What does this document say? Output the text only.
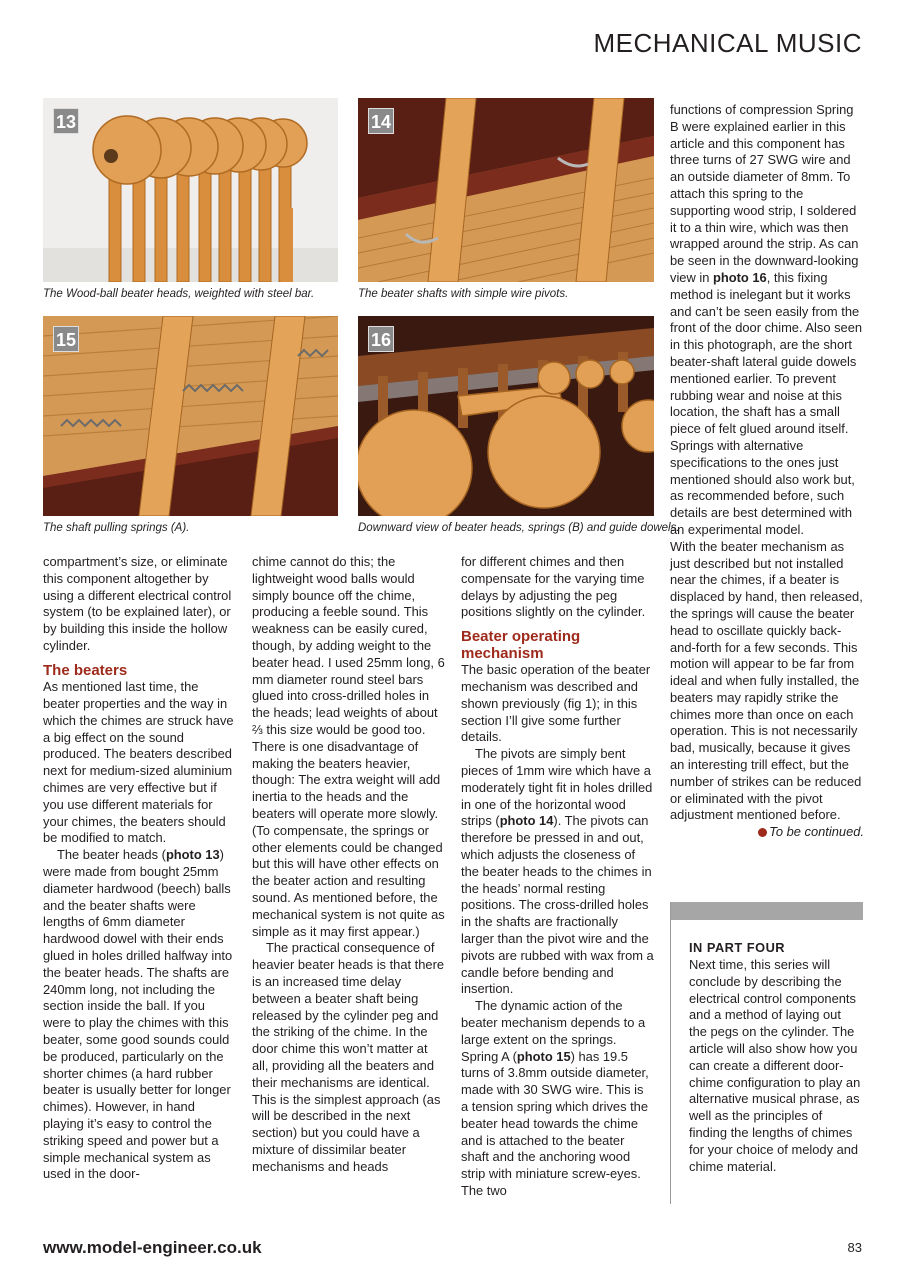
MECHANICAL MUSIC
13
The Wood-ball beater heads, weighted with steel bar.
14
The beater shafts with simple wire pivots.
15
The shaft pulling springs (A).
16
Downward view of beater heads, springs (B) and guide dowels.

compartment’s size, or eliminate this component altogether by using a different electrical control system (to be explained later), or by building this inside the hollow cylinder.

The beaters

As mentioned last time, the beater properties and the way in which the chimes are struck have a big effect on the sound produced. The beaters described next for medium-sized aluminium chimes are very effective but if you use different materials for your chimes, the beaters should be modified to match.

The beater heads (photo 13) were made from bought 25mm diameter hardwood (beech) balls and the beater shafts were lengths of 6mm diameter hardwood dowel with their ends glued in holes drilled halfway into the beater heads. The shafts are 240mm long, not including the section inside the ball. If you were to play the chimes with this beater, some good sounds could be produced, particularly on the shorter chimes (a hard rubber beater is usually better for longer chimes). However, in hand playing it’s easy to control the striking speed and power but a simple mechanical system as used in the door-

chime cannot do this; the lightweight wood balls would simply bounce off the chime, producing a feeble sound. This weakness can be easily cured, though, by adding weight to the beater head. I used 25mm long, 6 mm diameter round steel bars glued into cross-drilled holes in the heads; lead weights of about ⅔ this size would be good too. There is one disadvantage of making the beaters heavier, though: The extra weight will add inertia to the heads and the beaters will operate more slowly. (To compensate, the springs or other elements could be changed but this will have other effects on the beater action and resulting sound. As mentioned before, the mechanical system is not quite as simple as it may first appear.)

The practical consequence of heavier beater heads is that there is an increased time delay between a beater shaft being released by the cylinder peg and the striking of the chime. In the door chime this won’t matter at all, providing all the beaters and their mechanisms are identical. This is the simplest approach (as will be described in the next section) but you could have a mixture of dissimilar beater mechanisms and heads

for different chimes and then compensate for the varying time delays by adjusting the peg positions slightly on the cylinder.

Beater operating mechanism

The basic operation of the beater mechanism was described and shown previously (fig 1); in this section I’ll give some further details.

The pivots are simply bent pieces of 1mm wire which have a moderately tight fit in holes drilled in one of the horizontal wood strips (photo 14). The pivots can therefore be pressed in and out, which adjusts the closeness of the beater heads to the chimes in the heads’ normal resting positions. The cross-drilled holes in the shafts are fractionally larger than the pivot wire and the pivots are rubbed with wax from a candle before bending and insertion.

The dynamic action of the beater mechanism depends to a large extent on the springs. Spring A (photo 15) has 19.5 turns of 3.8mm outside diameter, made with 30 SWG wire. This is a tension spring which drives the beater head towards the chime and is attached to the beater shaft and the anchoring wood strip with miniature screw-eyes. The two

functions of compression Spring B were explained earlier in this article and this component has three turns of 27 SWG wire and an outside diameter of 8mm. To attach this spring to the supporting wood strip, I soldered it to a thin wire, which was then wrapped around the strip. As can be seen in the downward-looking view in photo 16, this fixing method is inelegant but it works and can’t be seen easily from the front of the door chime. Also seen in this photograph, are the short beater-shaft lateral guide dowels mentioned earlier. To prevent rubbing wear and noise at this location, the shaft has a small piece of felt glued around itself. Springs with alternative specifications to the ones just mentioned should also work but, as recommended before, such details are best determined with an experimental model.

With the beater mechanism as just described but not installed near the chimes, if a beater is displaced by hand, then released, the springs will cause the beater head to oscillate quickly back-and-forth for a few seconds. This motion will appear to be far from ideal and when fully installed, the beaters may rapidly strike the chimes more than once on each operation. This is not necessarily bad, musically, because it gives an interesting trill effect, but the number of strikes can be reduced or eliminated with the pivot adjustment mentioned before.

To be continued.

IN PART FOUR
Next time, this series will conclude by describing the electrical control components and a method of laying out the pegs on the cylinder. The article will also show how you can create a different door-chime configuration to play an alternative musical phrase, as well as the principles of finding the lengths of chimes for your choice of melody and chime material.
www.model-engineer.co.uk	83
